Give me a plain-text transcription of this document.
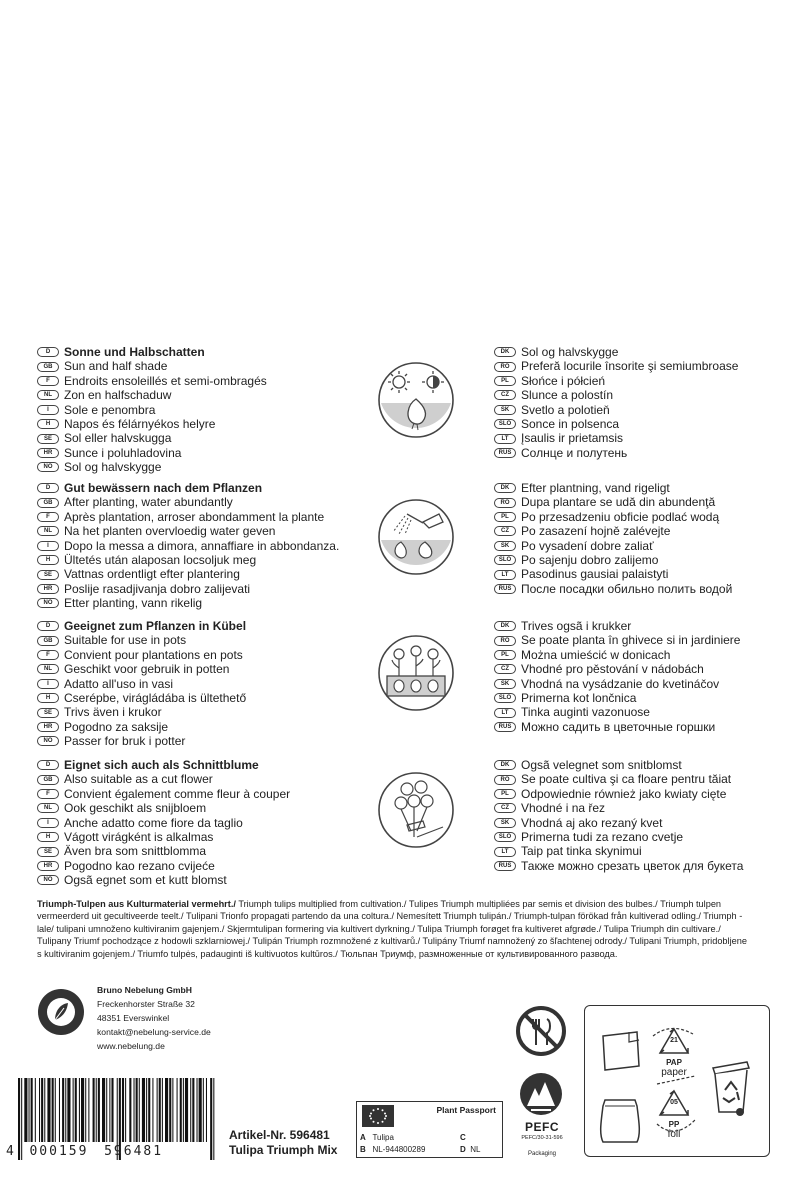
D	Sonne und Halbschatten
GB Sun and half shade
F	Endroits ensoleillés et semi-ombragés
NL	Zon en halfschaduw
I	Sole e penombra
H	Napos és félárnyékos helyre
SE	Sol eller halvskugga
HR Sunce i poluhladovina
NO Sol og halvskygge
DK Sol og halvskygge
RO Preferă locurile însorite şi semiumbroase
PL	Słońce i półcień
CZ	Slunce a polostín
SK Svetlo a polotieň
SLO Sonce in polsenca
LT	Įsaulis ir prietamsis
RUS Солнце и полутень
D	Gut bewässern nach dem Pflanzen
GB After planting, water abundantly
F	Après plantation, arroser abondamment la plante
NL	Na het planten overvloedig water geven
I	Dopo la messa a dimora, annaffiare in abbondanza.
H	Ültetés után alaposan locsoljuk meg
SE	Vattnas ordentligt efter plantering
HR Poslije rasadjivanja dobro zalijevati
NO Etter planting, vann rikelig
DK Efter plantning, vand rigeligt
RO Dupa plantare se udă din abundenţă
PL	Po przesadzeniu obficie podlać wodą
CZ	Po zasazení hojně zalévejte
SK Po vysadení dobre zaliať
SLO Po sajenju dobro zalijemo
LT	Pasodinus gausiai palaistyti
RUS После посадки обильно полить водой
D	Geeignet zum Pflanzen in Kübel
GB Suitable for use in pots
F	Convient pour plantations en pots
NL	Geschikt voor gebruik in potten
I	Adatto all'uso in vasi
H	Cserépbe, virágládába is ültethető
SE	Trivs även i krukor
HR Pogodno za saksije
NO Passer for bruk i potter
DK Trives ogsã i krukker
RO Se poate planta în ghivece si in jardiniere
PL	Można umieścić w donicach
CZ	Vhodné pro pěstování v nádobách
SK Vhodná na vysádzanie do kvetináčov
SLO Primerna kot lončnica
LT	Tinka auginti vazonuose
RUS Можно садить в цветочные горшки
D	Eignet sich auch als Schnittblume
GB Also suitable as a cut flower
F	Convient également comme fleur à couper
NL	Ook geschikt als snijbloem
I	Anche adatto come fiore da taglio
H	Vágott virágként is alkalmas
SE	Även bra som snittblomma
HR Pogodno kao rezano cvijeće
NO Ogsã egnet som et kutt blomst
DK Ogsã velegnet som snitblomst
RO Se poate cultiva şi ca floare pentru tăiat
PL	Odpowiednie również jako kwiaty cięte
CZ	Vhodné i na řez
SK Vhodná aj ako rezaný kvet
SLO Primerna tudi za rezano cvetje
LT	Taip pat tinka skynimui
RUS Также можно срезать цветок для букета
Triumph-Tulpen aus Kulturmaterial vermehrt./ Triumph tulips multiplied from cultivation./ Tulipes Triumph multipliées par semis et division des bulbes./ Triumph tulpen vermeerderd uit gecultiveerde teelt./ Tulipani Trionfo propagati partendo da una coltura./ Nemesített Triumph tulipán./ Triumph-tulpan förökad från kultiverad odling./ Triumph -lale/ tulipani umnoženo kultiviranim gajenjem./ Skjermtulipan formering via kultivert dyrkning./ Tulipa Triumph forøget fra kultiveret afgrøde./ Tulipa Triumph din cultivare./ Tulipany Triumf pochodzące z hodowli szklarniowej./ Tulipán Triumph rozmnožené z kultivarů./ Tulipány Triumf namnožený zo šľachtenej odrody./ Tulipani Triumph, pridobljene s kultiviranim gojenjem./ Triumfo tulpės, padauginti iš kultivuotos kultūros./ Тюльпан Триумф, размноженные от культивированного развода.
Bruno Nebelung GmbH
Freckenhorster Straße 32
48351 Everswinkel
kontakt@nebelung-service.de
www.nebelung.de
4 000159 596481
Artikel-Nr. 596481
Tulipa Triumph Mix
Plant Passport
A Tulipa	C
B NL-944800289	D NL
PEFC
PEFC/30-31-596
Packaging
21
PAP
paper
05
PP
foil
